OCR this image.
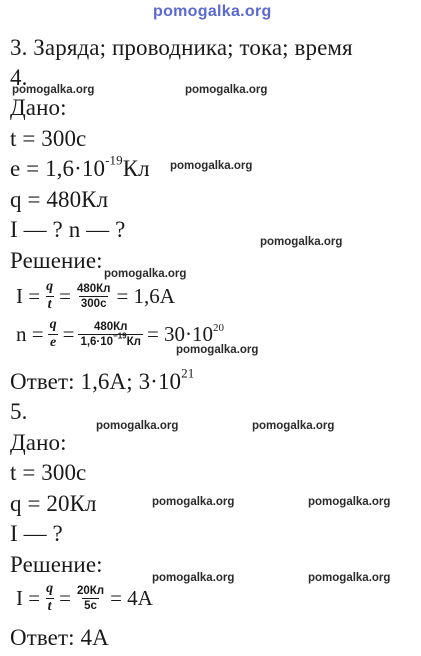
pomogalka.org
3. Заряда; проводника; тока; время
4.
Дано:
t = 300с
$e = 1,6\cdot 10^{-19}Кл$
q = 480Кл
I — ? n — ?
Решение:
$I = \frac{q}{t} = \frac{480Кл}{300с} = 1,6A$
$n = \frac{q}{e} = \frac{480Кл}{1,6\cdot 10^{-19}Кл} = 30\cdot 10^{20}$
Ответ: 1,6А; $3\cdot 10^{21}$
5.
Дано:
t = 300с
q = 20Кл
I — ?
Решение:
$I = \frac{q}{t} = \frac{20Кл}{5с} = 4A$
Ответ: 4А
pomogalka.org	pomogalka.org
pomogalka.org
pomogalka.org
pomogalka.org
pomogalka.org
pomogalka.org	pomogalka.org
pomogalka.org	pomogalka.org
pomogalka.org	pomogalka.org
